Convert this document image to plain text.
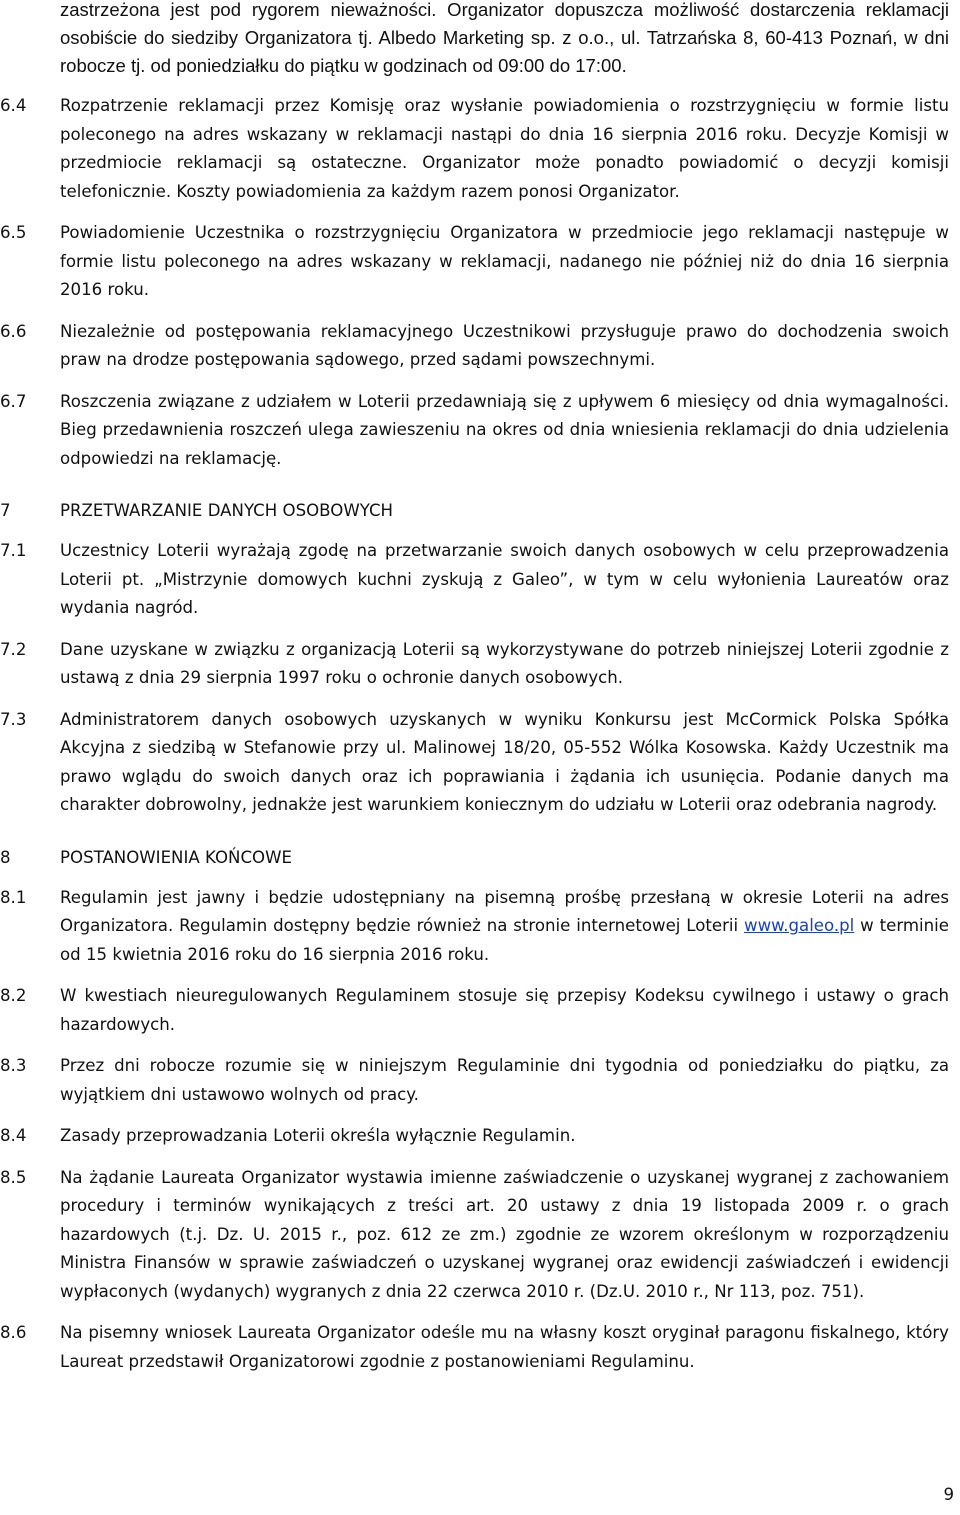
zastrzeżona jest pod rygorem nieważności. Organizator dopuszcza możliwość dostarczenia reklamacji osobiście do siedziby Organizatora tj. Albedo Marketing sp. z o.o., ul. Tatrzańska 8, 60-413 Poznań, w dni robocze tj. od poniedziałku do piątku w godzinach od 09:00 do 17:00.
6.4	Rozpatrzenie reklamacji przez Komisję oraz wysłanie powiadomienia o rozstrzygnięciu w formie listu poleconego na adres wskazany w reklamacji nastąpi do dnia 16 sierpnia 2016 roku. Decyzje Komisji w przedmiocie reklamacji są ostateczne. Organizator może ponadto powiadomić o decyzji komisji telefonicznie. Koszty powiadomienia za każdym razem ponosi Organizator.
6.5	Powiadomienie Uczestnika o rozstrzygnięciu Organizatora w przedmiocie jego reklamacji następuje w formie listu poleconego na adres wskazany w reklamacji, nadanego nie później niż do dnia 16 sierpnia 2016 roku.
6.6	Niezależnie od postępowania reklamacyjnego Uczestnikowi przysługuje prawo do dochodzenia swoich praw na drodze postępowania sądowego, przed sądami powszechnymi.
6.7	Roszczenia związane z udziałem w Loterii przedawniają się z upływem 6 miesięcy od dnia wymagalności. Bieg przedawnienia roszczeń ulega zawieszeniu na okres od dnia wniesienia reklamacji do dnia udzielenia odpowiedzi na reklamację.
7	PRZETWARZANIE DANYCH OSOBOWYCH
7.1	Uczestnicy Loterii wyrażają zgodę na przetwarzanie swoich danych osobowych w celu przeprowadzenia Loterii pt. „Mistrzynie domowych kuchni zyskują z Galeo”, w tym w celu wyłonienia Laureatów oraz wydania nagród.
7.2	Dane uzyskane w związku z organizacją Loterii są wykorzystywane do potrzeb niniejszej Loterii zgodnie z ustawą z dnia 29 sierpnia 1997 roku o ochronie danych osobowych.
7.3	Administratorem danych osobowych uzyskanych w wyniku Konkursu jest McCormick Polska Spółka Akcyjna z siedzibą w Stefanowie przy ul. Malinowej 18/20, 05-552 Wólka Kosowska. Każdy Uczestnik ma prawo wglądu do swoich danych oraz ich poprawiania i żądania ich usunięcia. Podanie danych ma charakter dobrowolny, jednakże jest warunkiem koniecznym do udziału w Loterii oraz odebrania nagrody.
8	POSTANOWIENIA KOŃCOWE
8.1	Regulamin jest jawny i będzie udostępniany na pisemną prośbę przesłaną w okresie Loterii na adres Organizatora. Regulamin dostępny będzie również na stronie internetowej Loterii www.galeo.pl w terminie od 15 kwietnia 2016 roku do 16 sierpnia 2016 roku.
8.2	W kwestiach nieuregulowanych Regulaminem stosuje się przepisy Kodeksu cywilnego i ustawy o grach hazardowych.
8.3	Przez dni robocze rozumie się w niniejszym Regulaminie dni tygodnia od poniedziałku do piątku, za wyjątkiem dni ustawowo wolnych od pracy.
8.4	Zasady przeprowadzania Loterii określa wyłącznie Regulamin.
8.5	Na żądanie Laureata Organizator wystawia imienne zaświadczenie o uzyskanej wygranej z zachowaniem procedury i terminów wynikających z treści art. 20 ustawy z dnia 19 listopada 2009 r. o grach hazardowych (t.j. Dz. U. 2015 r., poz. 612 ze zm.) zgodnie ze wzorem określonym w rozporządzeniu Ministra Finansów w sprawie zaświadczeń o uzyskanej wygranej oraz ewidencji zaświadczeń i ewidencji wypłaconych (wydanych) wygranych z dnia 22 czerwca 2010 r. (Dz.U. 2010 r., Nr 113, poz. 751).
8.6	Na pisemny wniosek Laureata Organizator odeśle mu na własny koszt oryginał paragonu fiskalnego, który Laureat przedstawił Organizatorowi zgodnie z postanowieniami Regulaminu.
9
